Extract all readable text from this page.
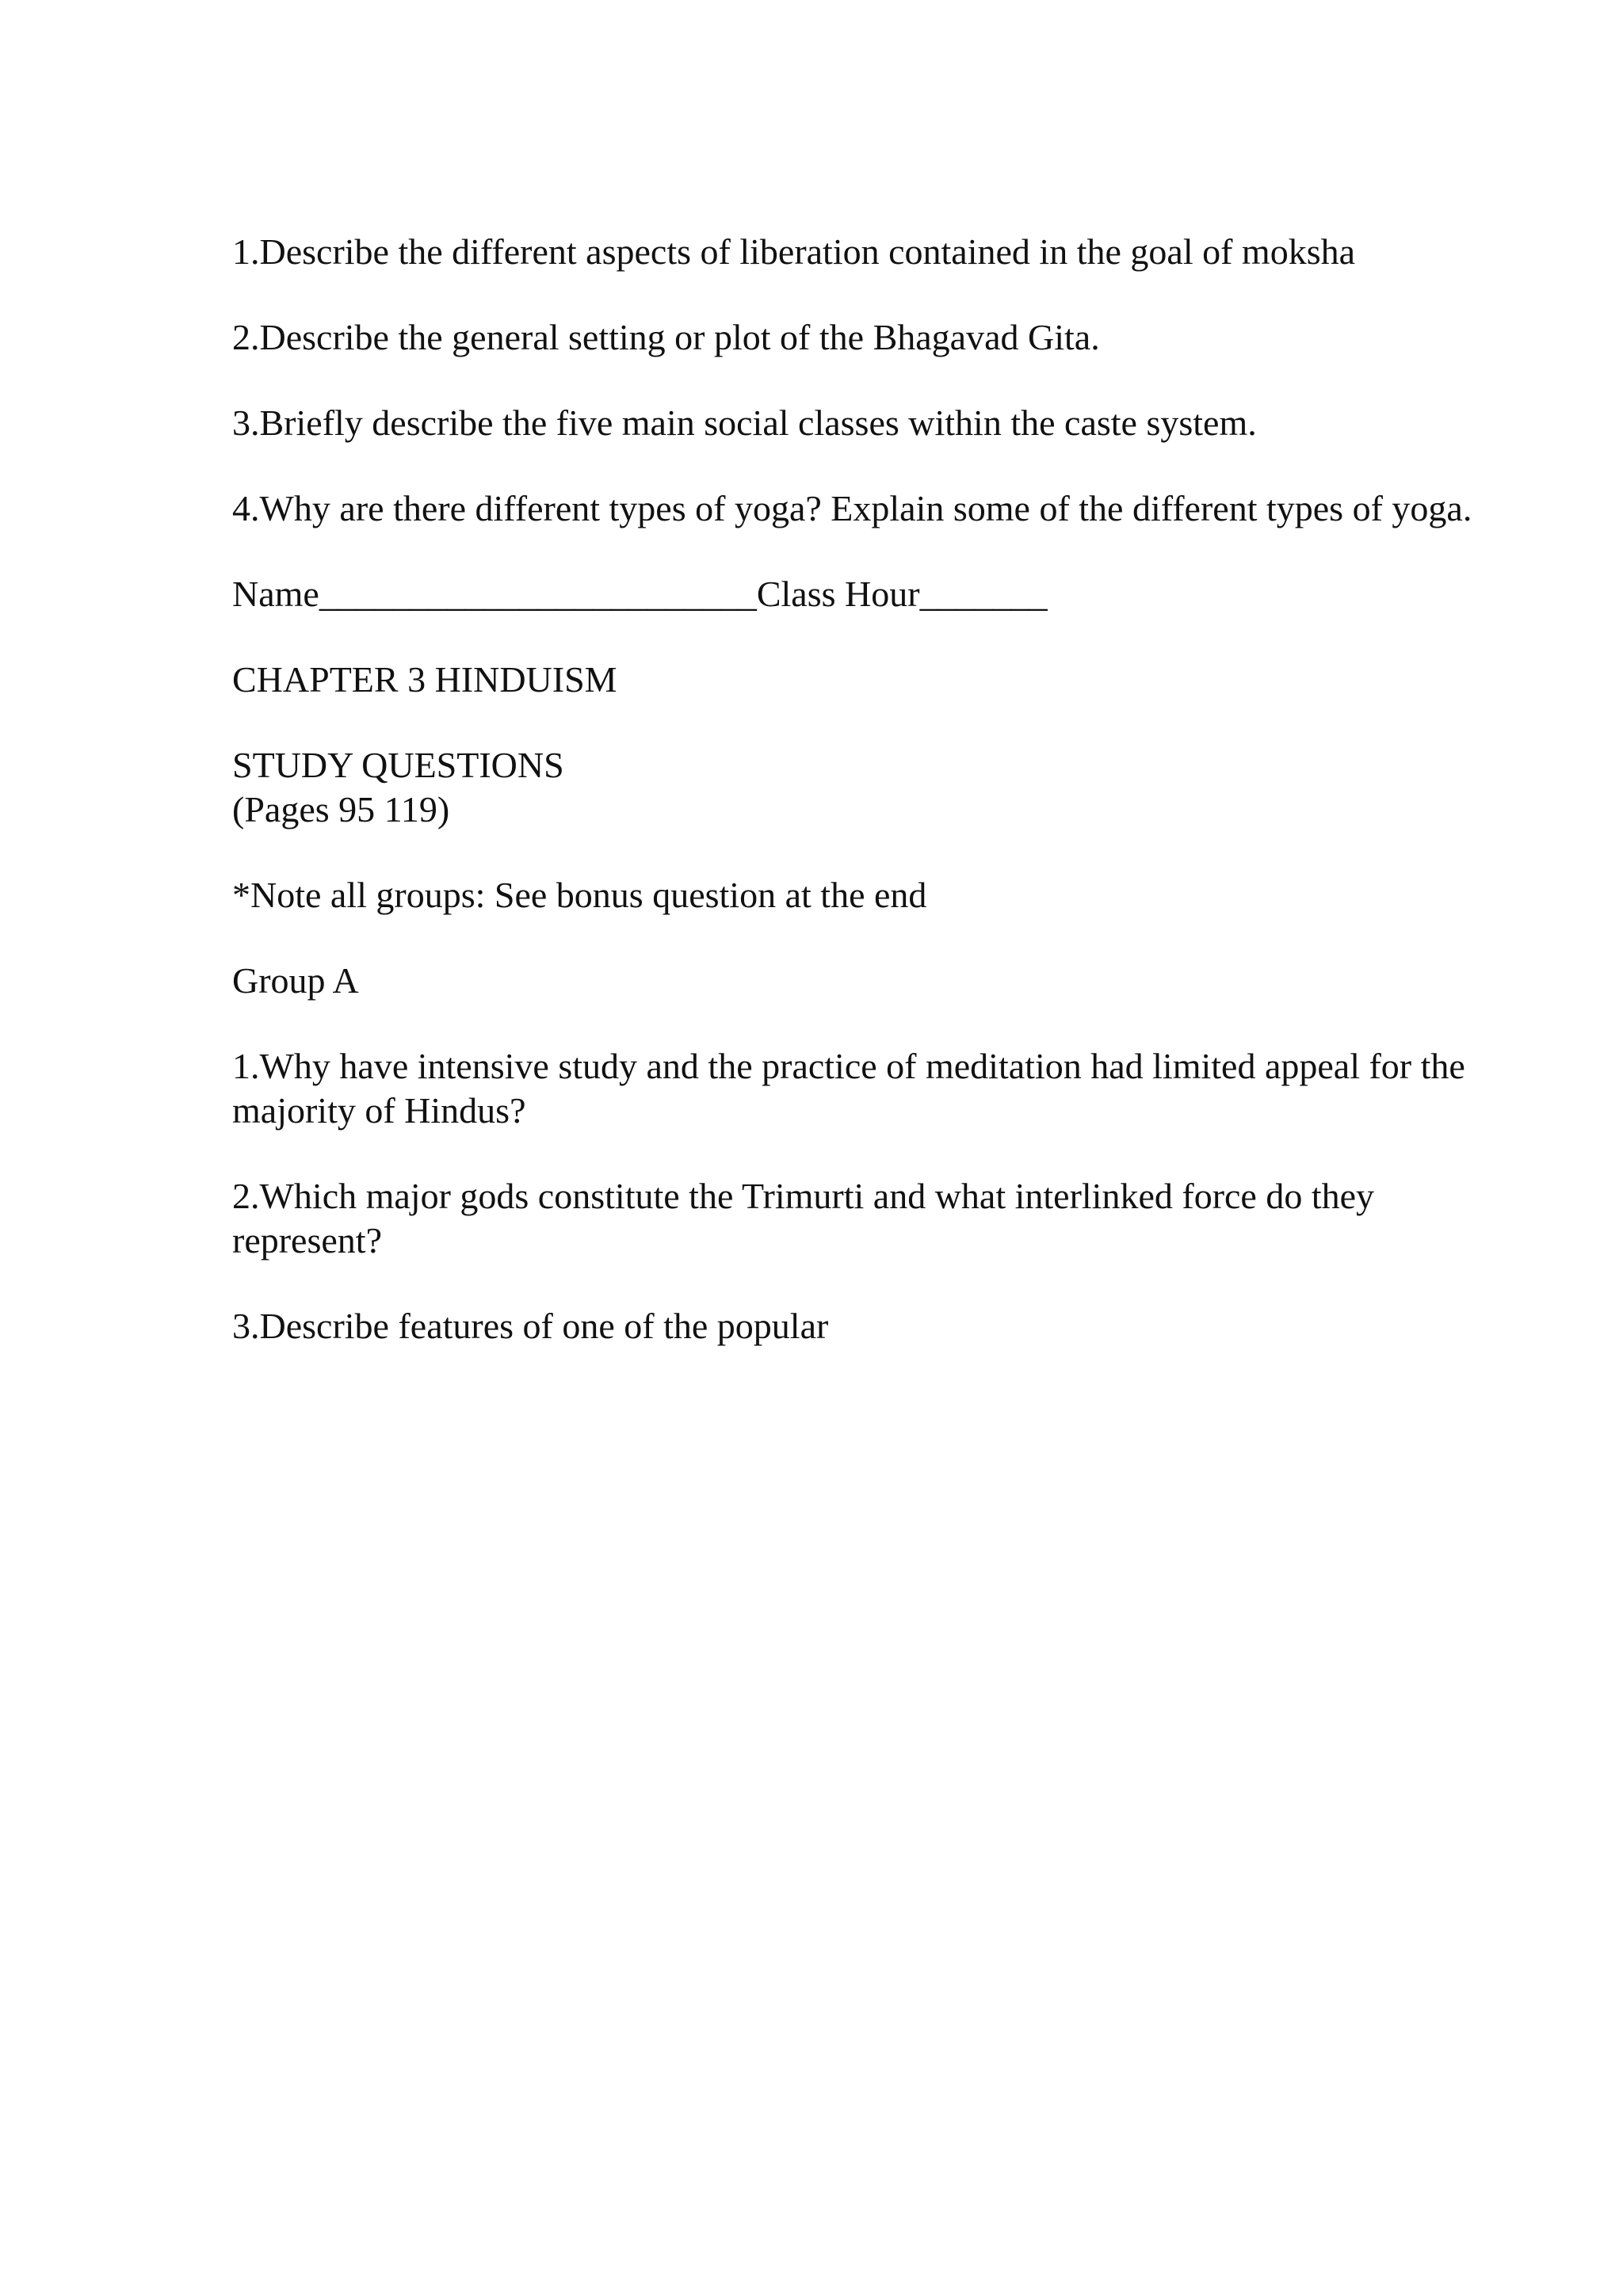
1.Describe the different aspects of liberation contained in the goal of moksha

2.Describe the general setting or plot of the Bhagavad Gita.

3.Briefly describe the five main social classes within the caste system.

4.Why are there different types of yoga? Explain some of the different types of yoga.

Name________________________Class Hour_______

CHAPTER 3 HINDUISM

STUDY QUESTIONS

(Pages 95 119)

*Note all groups: See bonus question at the end

Group A

1.Why have intensive study and the practice of meditation had limited appeal for the
majority of Hindus?

2.Which major gods constitute the Trimurti and what interlinked force do they
represent?

3.Describe features of one of the popular
